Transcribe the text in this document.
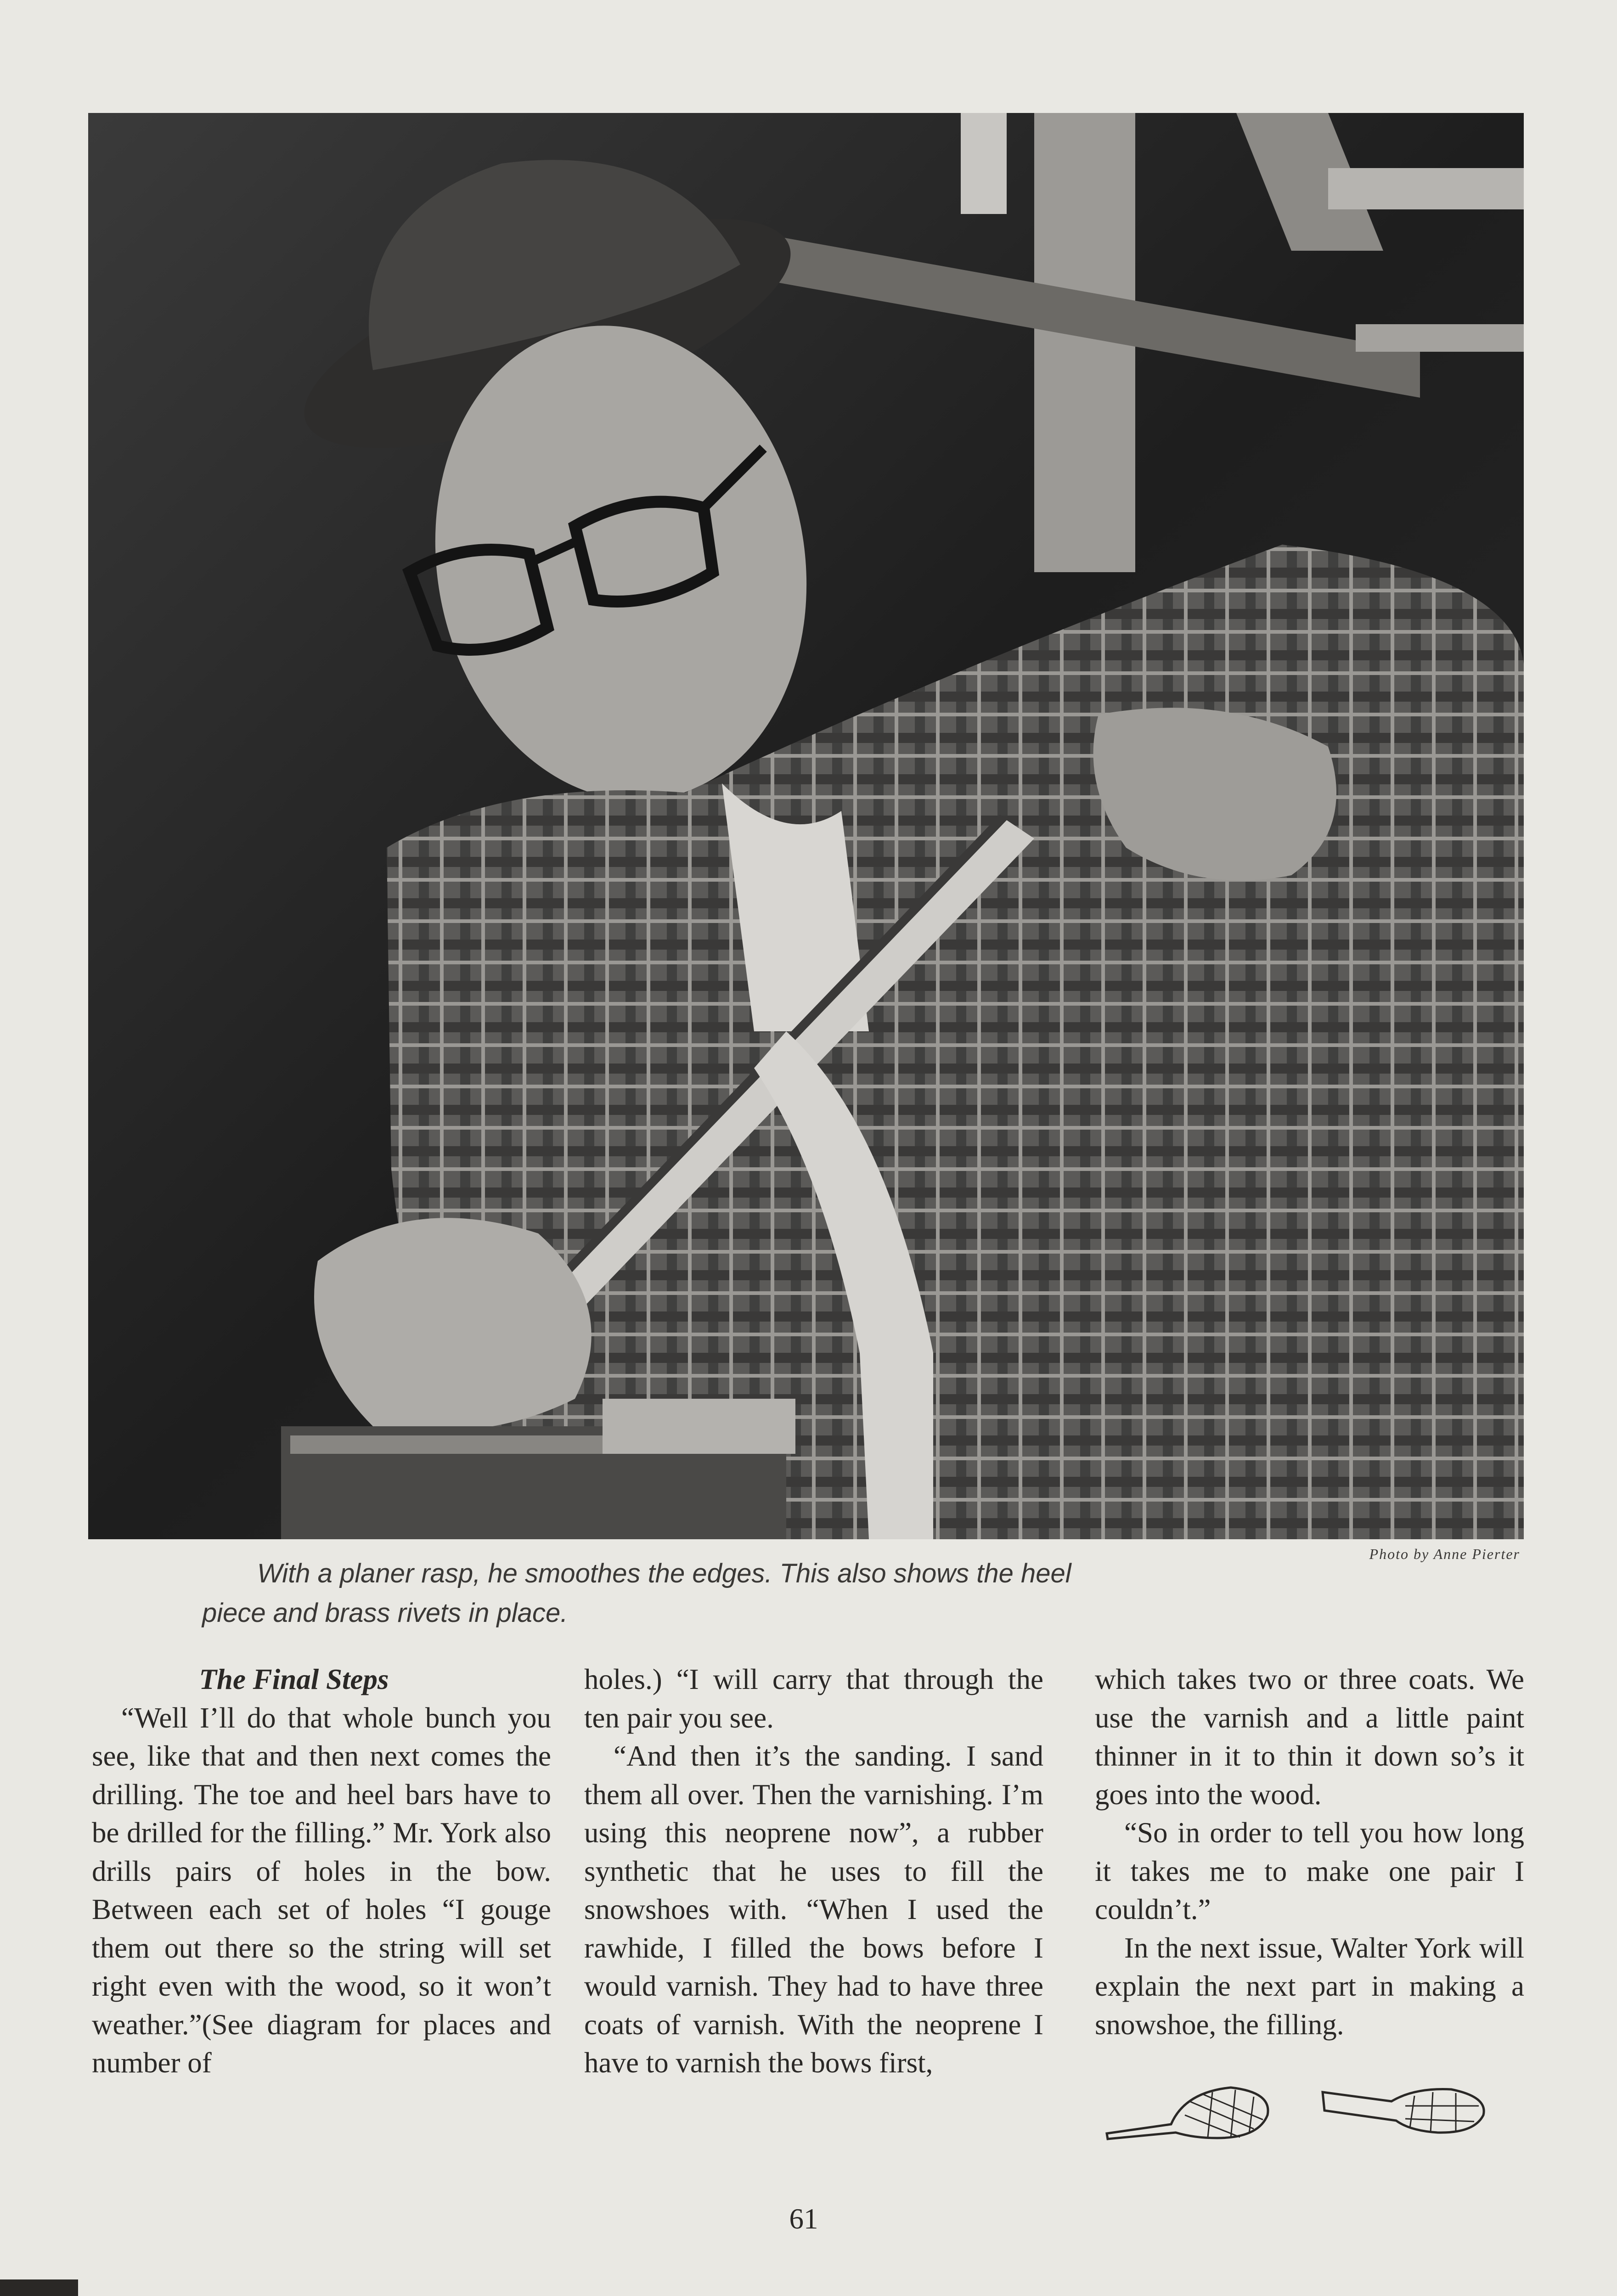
Photo by Anne Pierter
With a planer rasp, he smoothes the edges. This also shows the heel
piece and brass rivets in place.

The Final Steps

“Well I’ll do that whole bunch you see, like that and then next comes the drilling. The toe and heel bars have to be drilled for the filling.” Mr. York also drills pairs of holes in the bow. Between each set of holes “I gouge them out there so the string will set right even with the wood, so it won’t weather.”(See diagram for places and number of

holes.) “I will carry that through the ten pair you see.

“And then it’s the sanding. I sand them all over. Then the varnishing. I’m using this neoprene now”, a rubber synthetic that he uses to fill the snowshoes with. “When I used the rawhide, I filled the bows before I would varnish. They had to have three coats of varnish. With the neoprene I have to varnish the bows first,

which takes two or three coats. We use the varnish and a little paint thinner in it to thin it down so’s it goes into the wood.

“So in order to tell you how long it takes me to make one pair I couldn’t.”

In the next issue, Walter York will explain the next part in making a snowshoe, the filling.

61
